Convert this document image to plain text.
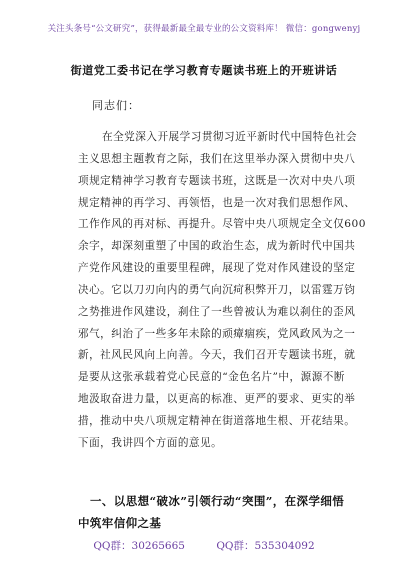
关注头条号“公文研究”，获得最新最全最专业的公文资料库！ 微信：gongwenyj
街道党工委书记在学习教育专题读书班上的开班讲话
同志们：

在全党深入开展学习贯彻习近平新时代中国特色社会
主义思想主题教育之际，我们在这里举办深入贯彻中央八
项规定精神学习教育专题读书班，这既是一次对中央八项
规定精神的再学习、再领悟，也是一次对我们思想作风、
工作作风的再对标、再提升。尽管中央八项规定全文仅600
余字，却深刻重塑了中国的政治生态，成为新时代中国共
产党作风建设的重要里程碑，展现了党对作风建设的坚定
决心。它以刀刃向内的勇气向沉疴积弊开刀，以雷霆万钧
之势推进作风建设，刹住了一些曾被认为难以刹住的歪风
邪气，纠治了一些多年未除的顽瘴痼疾，党风政风为之一
新，社风民风向上向善。今天，我们召开专题读书班，就
是要从这张承载着党心民意的“金色名片”中，源源不断
地汲取奋进力量，以更高的标准、更严的要求、更实的举
措，推动中央八项规定精神在街道落地生根、开花结果。
下面，我讲四个方面的意见。

一、以思想“破冰”引领行动“突围”，在深学细悟
中筑牢信仰之基
QQ群：30265665	QQ群：535304092
